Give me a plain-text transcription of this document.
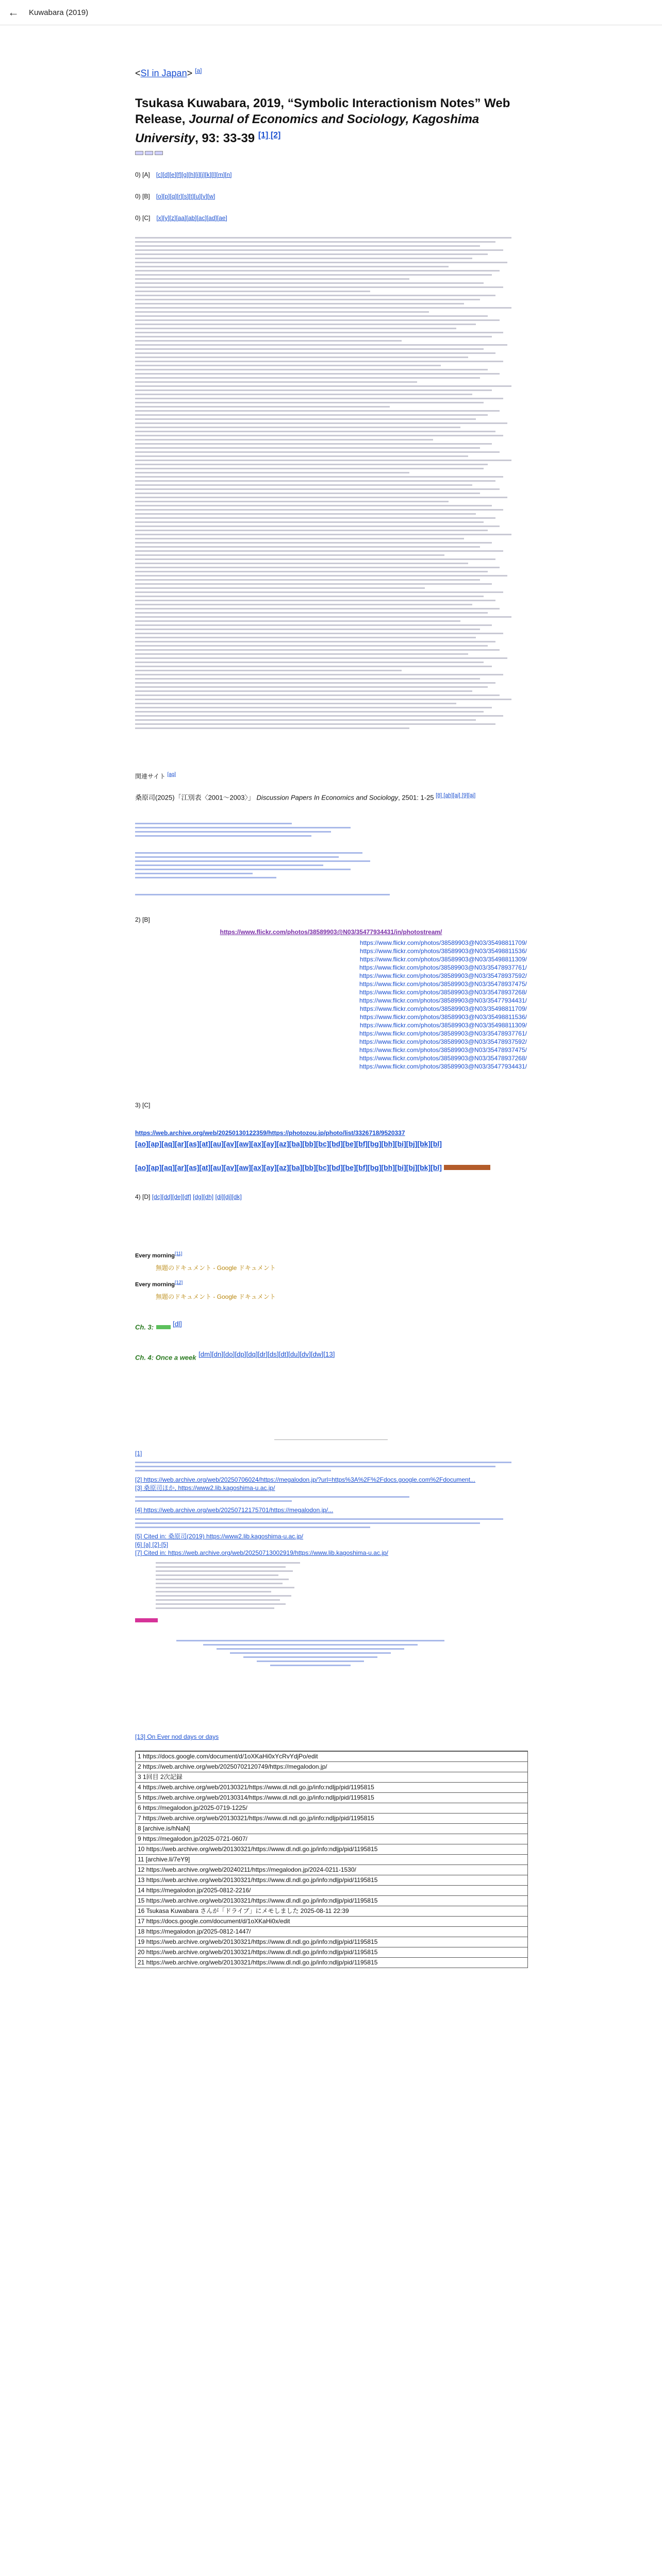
←	Kuwabara (2019)
<SI in Japan> [a]
Tsukasa Kuwabara, 2019, “Symbolic Interactionism Notes” Web Release, Journal of Economics and Sociology, Kagoshima University, 93: 33-39 [1] [2]

0) [A] [c][d][e][f][g][h][i][j][k][l][m][n]
0) [B] [o][p][q][r][s][t][u][v][w]
0) [C] [x][y][z][aa][ab][ac][ad][ae]
関連サイト [ag]
桑原司(2025)「江別表〈2001〜2003〉」 Discussion Papers In Economics and Sociology, 2501: 1-25 [8] [ah][ai] [9][aj]
2) [B]
https://www.flickr.com/photos/38589903@N03/35477934431/in/photostream/
https://www.flickr.com/photos/38589903@N03/35498811709/
https://www.flickr.com/photos/38589903@N03/35498811536/
https://www.flickr.com/photos/38589903@N03/35498811309/
https://www.flickr.com/photos/38589903@N03/35478937761/
https://www.flickr.com/photos/38589903@N03/35478937592/
https://www.flickr.com/photos/38589903@N03/35478937475/
https://www.flickr.com/photos/38589903@N03/35478937268/
https://www.flickr.com/photos/38589903@N03/35477934431/
https://www.flickr.com/photos/38589903@N03/35498811709/
https://www.flickr.com/photos/38589903@N03/35498811536/
https://www.flickr.com/photos/38589903@N03/35498811309/
https://www.flickr.com/photos/38589903@N03/35478937761/
https://www.flickr.com/photos/38589903@N03/35478937592/
https://www.flickr.com/photos/38589903@N03/35478937475/
https://www.flickr.com/photos/38589903@N03/35478937268/
https://www.flickr.com/photos/38589903@N03/35477934431/
3) [C]
https://web.archive.org/web/20250130122359/https://photozou.jp/photo/list/3326718/9520337
[ao][ap][aq][ar][as][at][au][av][aw][ax][ay][az][ba][bb][bc][bd][be][bf][bg][bh][bi][bj][bk][bl]
[ao][ap][aq][ar][as][at][au][av][aw][ax][ay][az][ba][bb][bc][bd][be][bf][bg][bh][bi][bj][bk][bl]
4) [D] [dc][dd][de][df] [dg][dh] [di][dj][dk]
Every morning[11]
無題のドキュメント - Google ドキュメント
Every morning[12]
無題のドキュメント - Google ドキュメント
Ch. 3:	[dl]
Ch. 4: Once a week [dm][dn][do][dp][dq][dr][ds][dt][du][dv][dw][13]
[1]
[2] https://web.archive.org/web/20250706024/https://megalodon.jp/?url=https%3A%2F%2Fdocs.google.com%2Fdocument...
[3] 桑原司ほか, https://www2.lib.kagoshima-u.ac.jp/
[4] https://web.archive.org/web/20250712175701/https://megalodon.jp/...
[5] Cited in: 桑原司(2019) https://www2.lib.kagoshima-u.ac.jp/
[6] [a] [2]-[5]
[7] Cited in: https://web.archive.org/web/20250713002919/https://www.lib.kagoshima-u.ac.jp/
[13] On Ever nod days or days
1 https://docs.google.com/document/d/1oXKaHi0xYcRvYdjPo/edit
2 https://web.archive.org/web/20250702120749/https://megalodon.jp/
3 1回目 2次記録
4 https://web.archive.org/web/20130321/https://www.dl.ndl.go.jp/info:ndljp/pid/1195815
5 https://web.archive.org/web/20130314/https://www.dl.ndl.go.jp/info:ndljp/pid/1195815
6 https://megalodon.jp/2025-0719-1225/
7 https://web.archive.org/web/20130321/https://www.dl.ndl.go.jp/info:ndljp/pid/1195815
8 [archive.is/hNaN]
9 https://megalodon.jp/2025-0721-0607/
10 https://web.archive.org/web/20130321/https://www.dl.ndl.go.jp/info:ndljp/pid/1195815
11 [archive.li/7eY9]
12 https://web.archive.org/web/20240211/https://megalodon.jp/2024-0211-1530/
13 https://web.archive.org/web/20130321/https://www.dl.ndl.go.jp/info:ndljp/pid/1195815
14 https://megalodon.jp/2025-0812-2216/
15 https://web.archive.org/web/20130321/https://www.dl.ndl.go.jp/info:ndljp/pid/1195815
16 Tsukasa Kuwabara さんが「ドライブ」にメモしました 2025-08-11 22:39
17 https://docs.google.com/document/d/1oXKaHi0x/edit
18 https://megalodon.jp/2025-0812-1447/
19 https://web.archive.org/web/20130321/https://www.dl.ndl.go.jp/info:ndljp/pid/1195815
20 https://web.archive.org/web/20130321/https://www.dl.ndl.go.jp/info:ndljp/pid/1195815
21 https://web.archive.org/web/20130321/https://www.dl.ndl.go.jp/info:ndljp/pid/1195815
